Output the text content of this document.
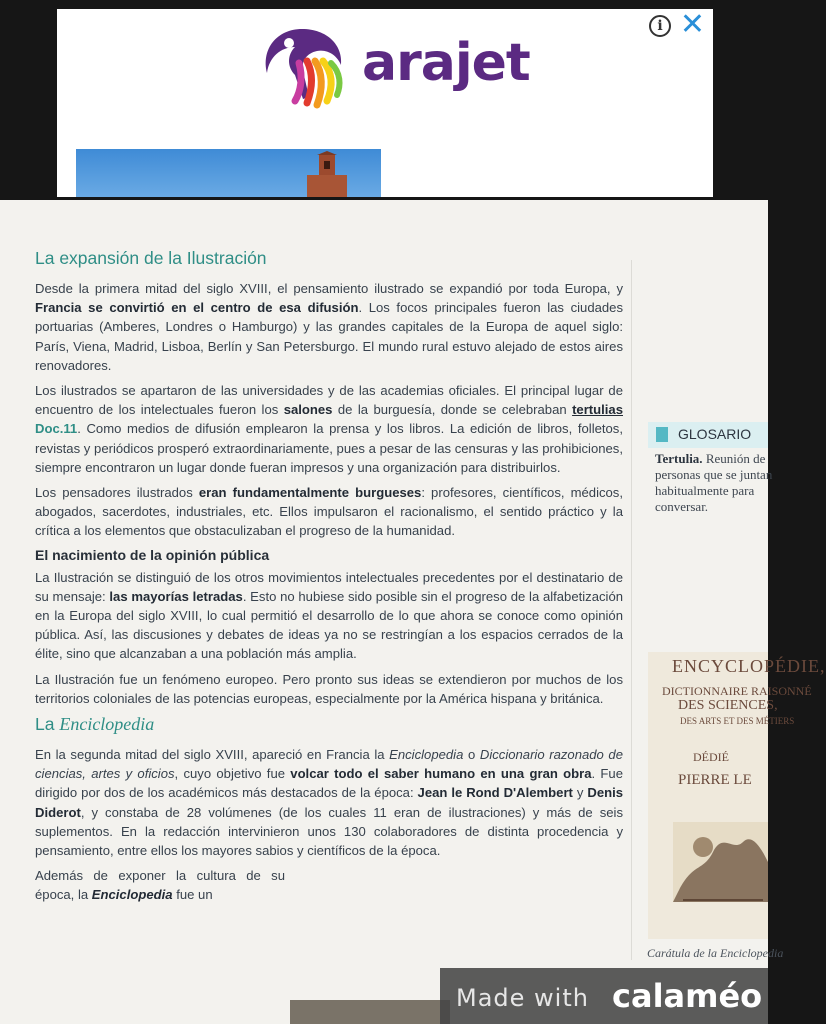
i ✕
arajet
La expansión de la Ilustración

Desde la primera mitad del siglo XVIII, el pensamiento ilustrado se expandió por toda Europa, y Francia se convirtió en el centro de esa difusión. Los focos principales fueron las ciudades portuarias (Amberes, Londres o Hamburgo) y las grandes capitales de la Europa de aquel siglo: París, Viena, Madrid, Lisboa, Berlín y San Petersburgo. El mundo rural estuvo alejado de estos aires renovadores.

Los ilustrados se apartaron de las universidades y de las academias oficiales. El principal lugar de encuentro de los intelectuales fueron los salones de la burguesía, donde se celebraban tertulias Doc.11. Como medios de difusión emplearon la prensa y los libros. La edición de libros, folletos, revistas y periódicos prosperó extraordinariamente, pues a pesar de las censuras y las prohibiciones, siempre encontraron un lugar donde fueran impresos y una organización para distribuirlos.

Los pensadores ilustrados eran fundamentalmente burgueses: profesores, científicos, médicos, abogados, sacerdotes, industriales, etc. Ellos impulsaron el racionalismo, el sentido práctico y la crítica a los elementos que obstaculizaban el progreso de la humanidad.

El nacimiento de la opinión pública

La Ilustración se distinguió de los otros movimientos intelectuales precedentes por el destinatario de su mensaje: las mayorías letradas. Esto no hubiese sido posible sin el progreso de la alfabetización en la Europa del siglo XVIII, lo cual permitió el desarrollo de lo que ahora se conoce como opinión pública. Así, las discusiones y debates de ideas ya no se restringían a los espacios cerrados de la élite, sino que alcanzaban a una población más amplia.

La Ilustración fue un fenómeno europeo. Pero pronto sus ideas se extendieron por muchos de los territorios coloniales de las potencias europeas, especialmente por la América hispana y británica.

La Enciclopedia

En la segunda mitad del siglo XVIII, apareció en Francia la Enciclopedia o Diccionario razonado de ciencias, artes y oficios, cuyo objetivo fue volcar todo el saber humano en una gran obra. Fue dirigido por dos de los académicos más destacados de la época: Jean le Rond D'Alembert y Denis Diderot, y constaba de 28 volúmenes (de los cuales 11 eran de ilustraciones) y más de seis suplementos. En la redacción intervinieron unos 130 colaboradores de distinta procedencia y pensamiento, entre ellos los mayores sabios y científicos de la época.

Además de exponer la cultura de su época, la Enciclopedia fue un

GLOSARIO
Tertulia. Reunión de personas que se juntan habitualmente para conversar.
ENCYCLOPÉDIE,
DICTIONNAIRE RAISONNÉ
DES SCIENCES,
DES ARTS ET DES MÉTIERS
DÉDIÉ
PIERRE LE
Carátula de la Enciclopedia
Made with calaméo
